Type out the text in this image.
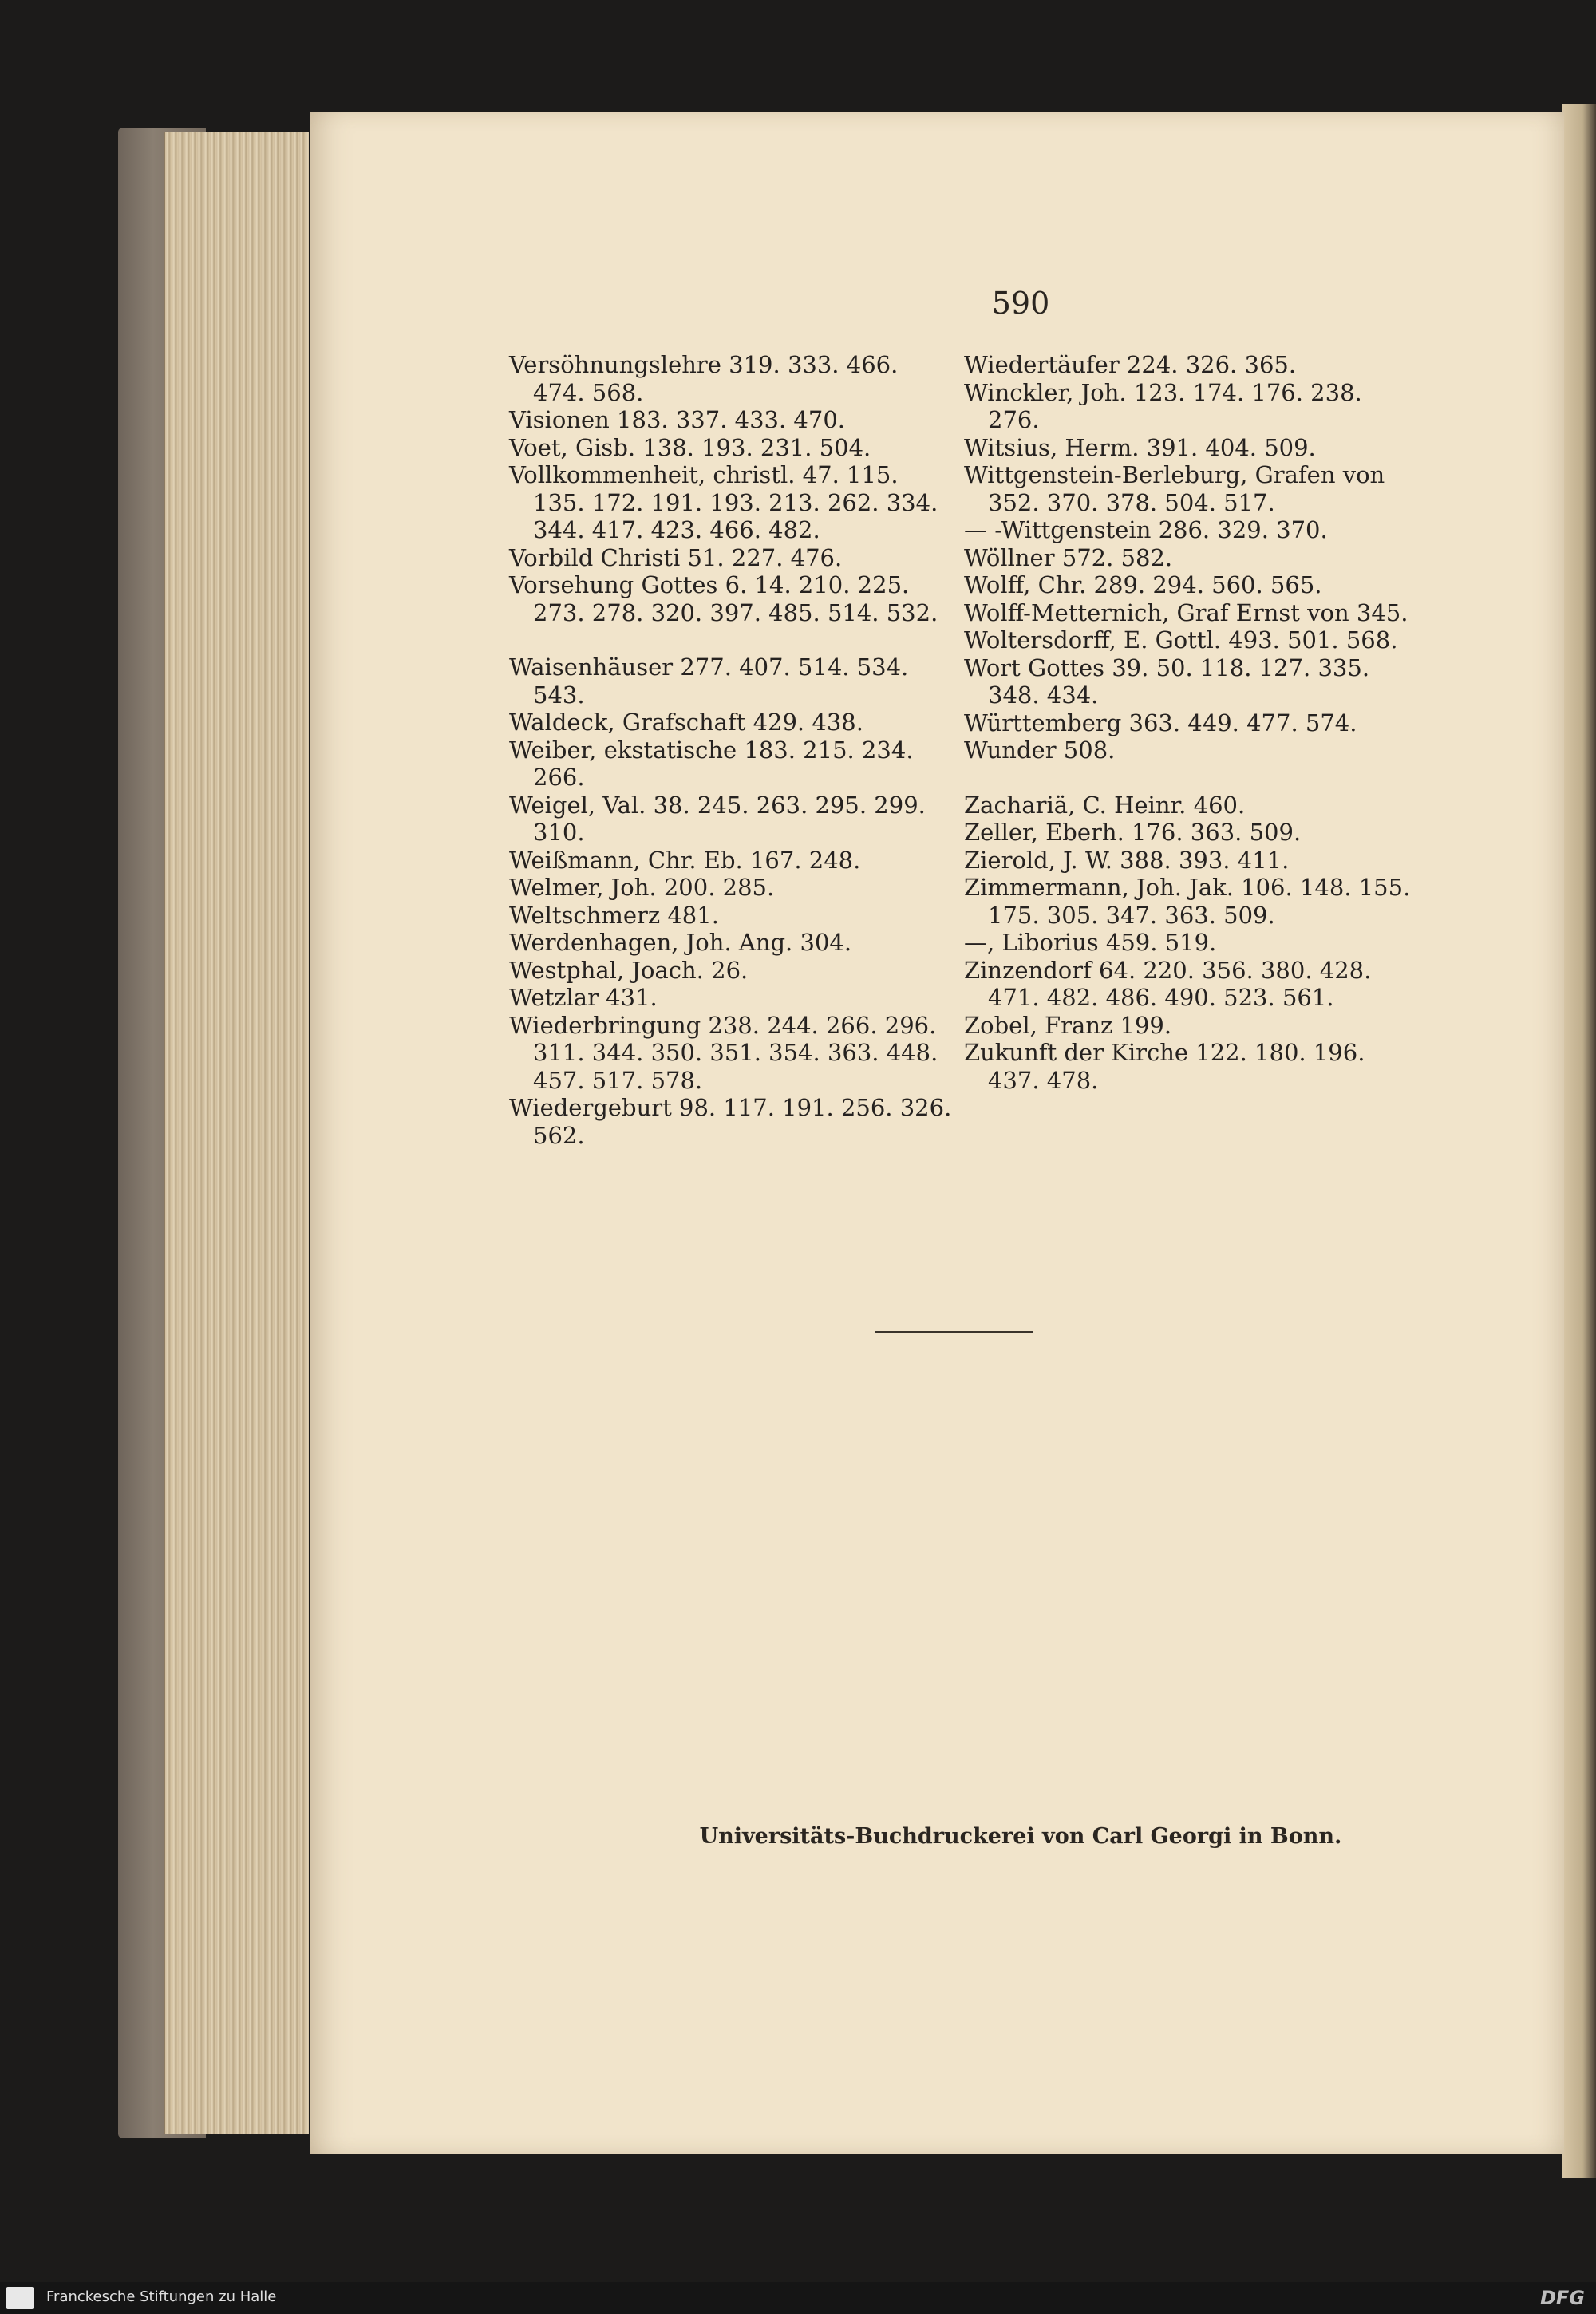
590
Versöhnungslehre 319. 333. 466. 474. 568.
Visionen 183. 337. 433. 470.
Voet, Gisb. 138. 193. 231. 504.
Vollkommenheit, christl. 47. 115. 135. 172. 191. 193. 213. 262. 334. 344. 417. 423. 466. 482.
Vorbild Christi 51. 227. 476.
Vorsehung Gottes 6. 14. 210. 225. 273. 278. 320. 397. 485. 514. 532.
Waisenhäuser 277. 407. 514. 534. 543.
Waldeck, Grafschaft 429. 438.
Weiber, ekstatische 183. 215. 234. 266.
Weigel, Val. 38. 245. 263. 295. 299. 310.
Weißmann, Chr. Eb. 167. 248.
Welmer, Joh. 200. 285.
Weltschmerz 481.
Werdenhagen, Joh. Ang. 304.
Westphal, Joach. 26.
Wetzlar 431.
Wiederbringung 238. 244. 266. 296. 311. 344. 350. 351. 354. 363. 448. 457. 517. 578.
Wiedergeburt 98. 117. 191. 256. 326. 562.
Wiedertäufer 224. 326. 365.
Winckler, Joh. 123. 174. 176. 238. 276.
Witsius, Herm. 391. 404. 509.
Wittgenstein-Berleburg, Grafen von 352. 370. 378. 504. 517.
— -Wittgenstein 286. 329. 370.
Wöllner 572. 582.
Wolff, Chr. 289. 294. 560. 565.
Wolff-Metternich, Graf Ernst von 345.
Woltersdorff, E. Gottl. 493. 501. 568.
Wort Gottes 39. 50. 118. 127. 335. 348. 434.
Württemberg 363. 449. 477. 574.
Wunder 508.
Zachariä, C. Heinr. 460.
Zeller, Eberh. 176. 363. 509.
Zierold, J. W. 388. 393. 411.
Zimmermann, Joh. Jak. 106. 148. 155. 175. 305. 347. 363. 509.
—, Liborius 459. 519.
Zinzendorf 64. 220. 356. 380. 428. 471. 482. 486. 490. 523. 561.
Zobel, Franz 199.
Zukunft der Kirche 122. 180. 196. 437. 478.
Universitäts-Buchdruckerei von Carl Georgi in Bonn.
Franckesche Stiftungen zu Halle	DFG
